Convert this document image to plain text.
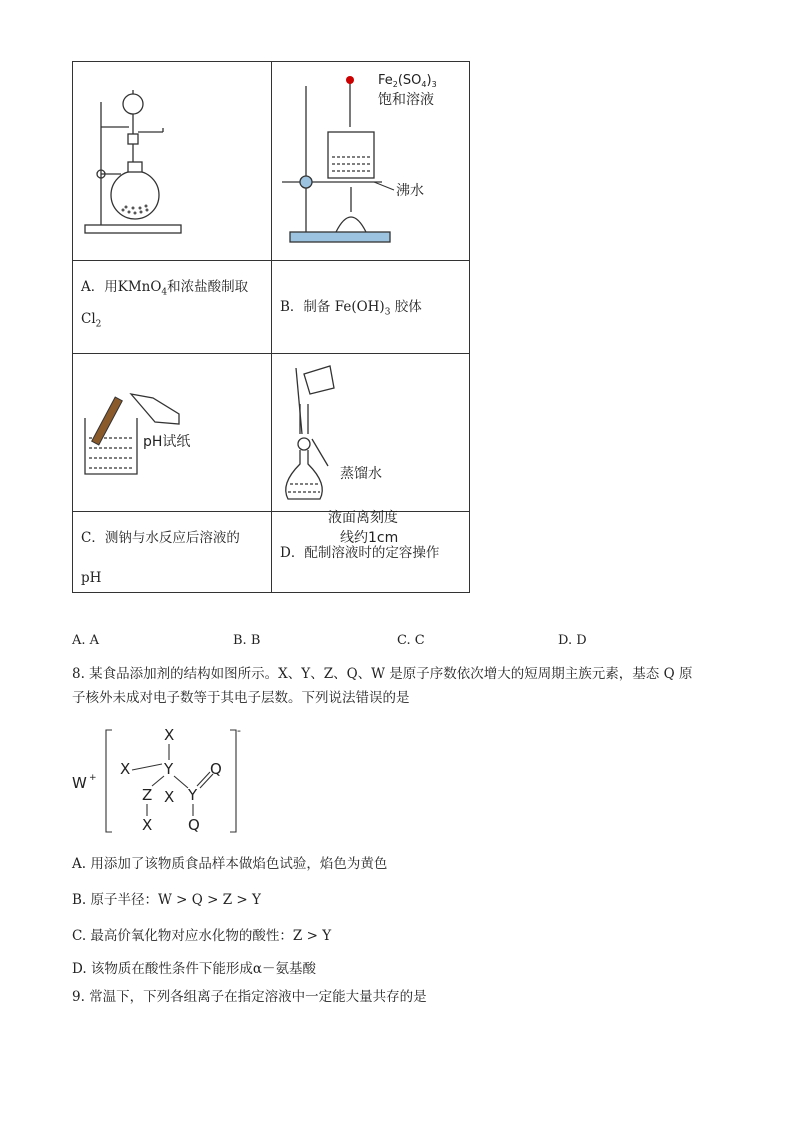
$Fe_2(SO_4)_3$
饱和溶液
沸水
A．用KMnO$_4$和浓盐酸制取
$Cl_2$
B．制备 $Fe(OH)_3$ 胶体
pH试纸
蒸馏水
液面离刻度
线约1cm
C．测钠与水反应后溶液的
pH
D．配制溶液时的定容操作
A. A	B. B	C. C	D. D
8. 某食品添加剂的结构如图所示。X、Y、Z、Q、W 是原子序数依次增大的短周期主族元素，基态 Q 原
子核外未成对电子数等于其电子层数。下列说法错误的是
W +
-
X
Y
X
Z X Y
Q
X Q
A. 用添加了该物质食品样本做焰色试验，焰色为黄色
B. 原子半径：W > Q > Z > Y
C. 最高价氧化物对应水化物的酸性：Z > Y
D. 该物质在酸性条件下能形成α－氨基酸
9. 常温下，下列各组离子在指定溶液中一定能大量共存的是
